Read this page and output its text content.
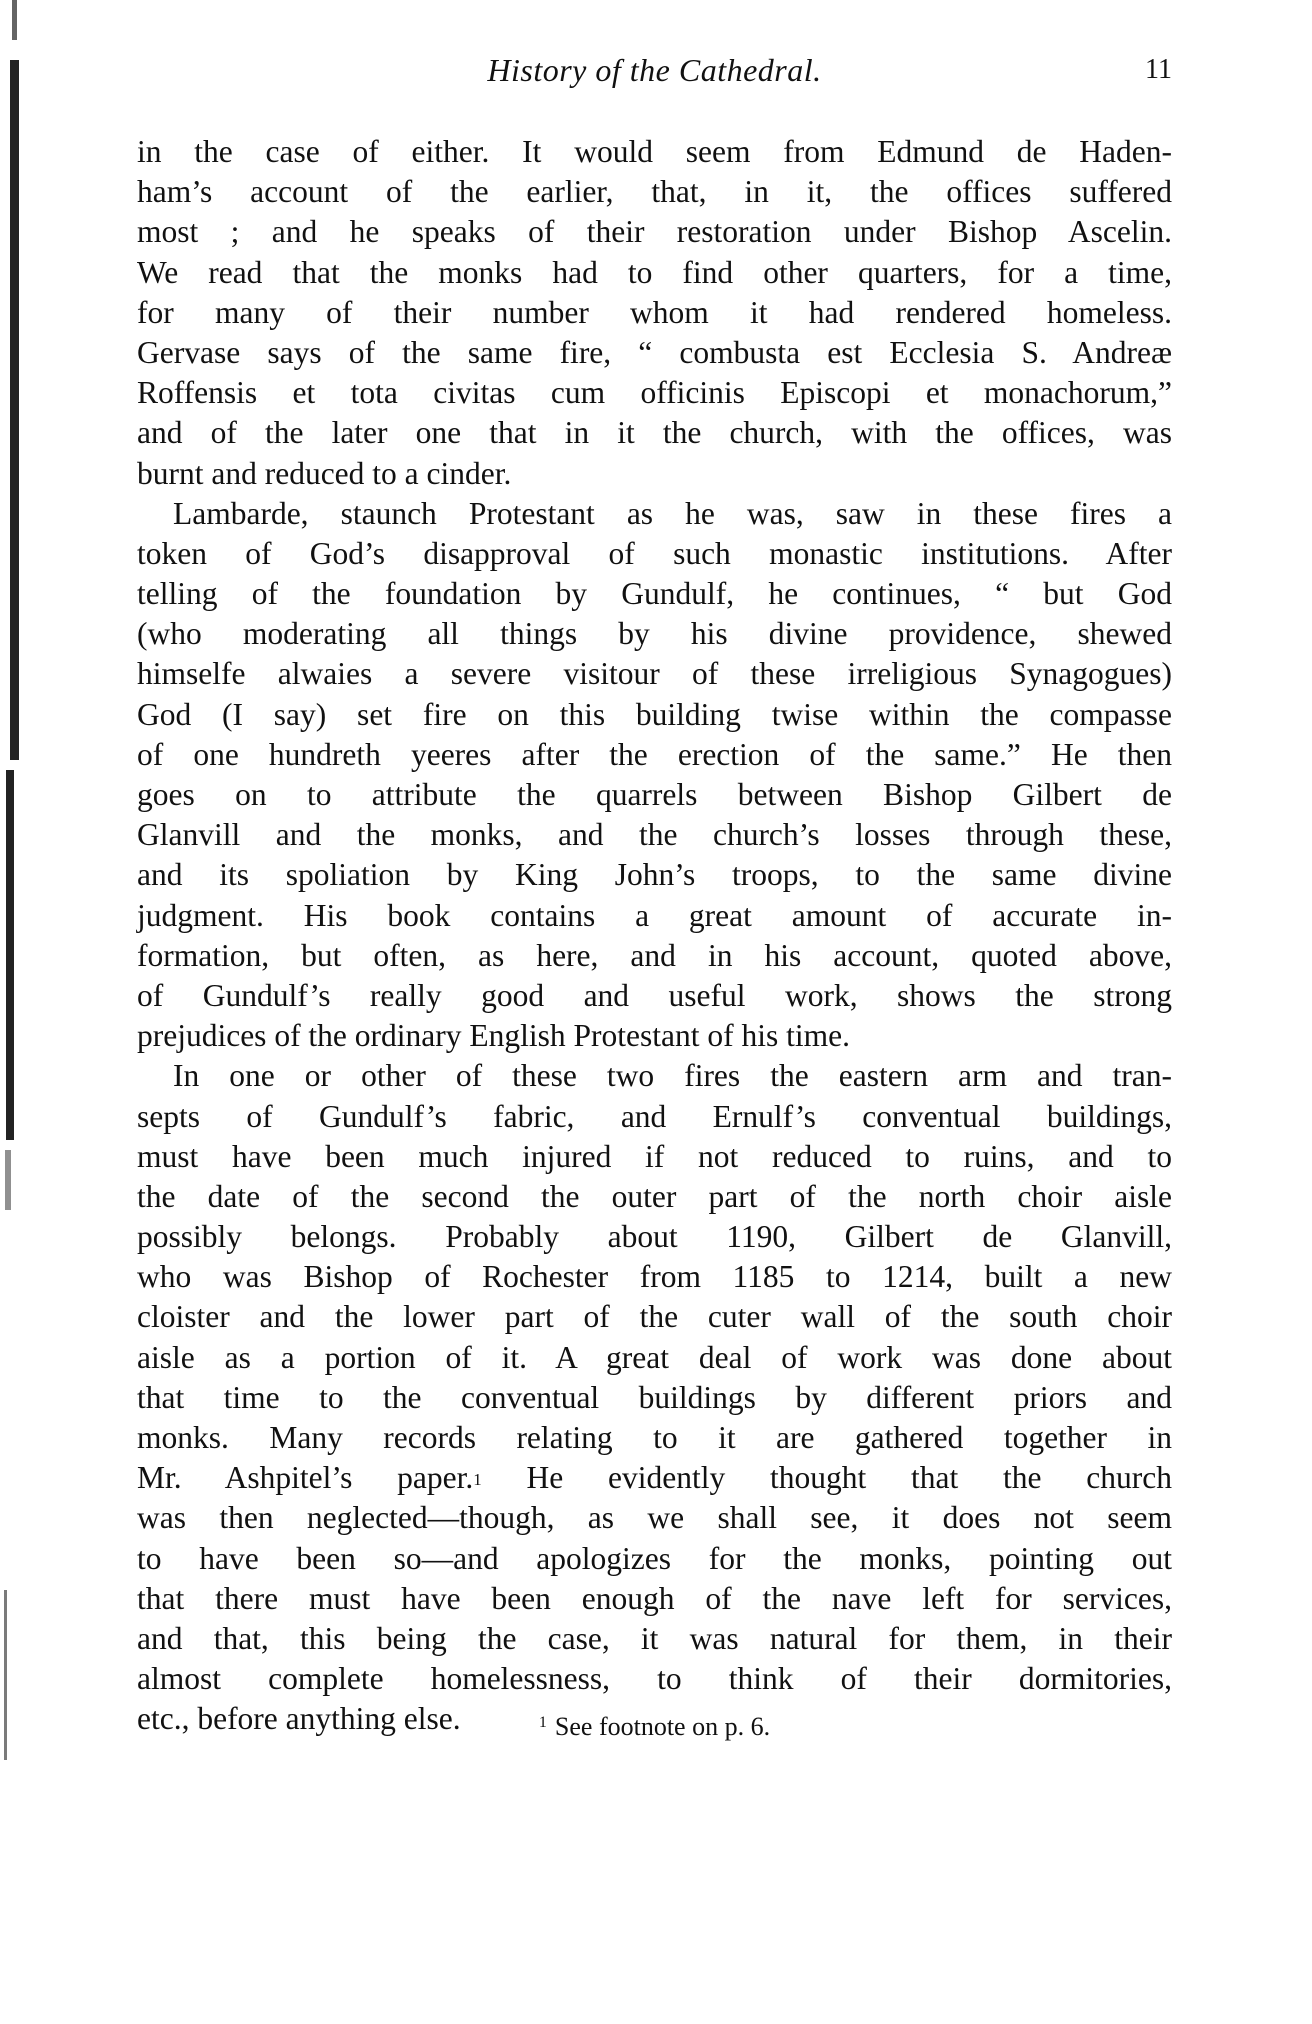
History of the Cathedral.	11
in the case of either. It would seem from Edmund de Haden-
ham’s account of the earlier, that, in it, the offices suffered
most ; and he speaks of their restoration under Bishop Ascelin.
We read that the monks had to find other quarters, for a time,
for many of their number whom it had rendered homeless.
Gervase says of the same fire, “ combusta est Ecclesia S. Andreæ
Roffensis et tota civitas cum officinis Episcopi et monachorum,”
and of the later one that in it the church, with the offices, was
burnt and reduced to a cinder.
Lambarde, staunch Protestant as he was, saw in these fires a
token of God’s disapproval of such monastic institutions. After
telling of the foundation by Gundulf, he continues, “ but God
(who moderating all things by his divine providence, shewed
himselfe alwaies a severe visitour of these irreligious Synagogues)
God (I say) set fire on this building twise within the compasse
of one hundreth yeeres after the erection of the same.” He then
goes on to attribute the quarrels between Bishop Gilbert de
Glanvill and the monks, and the church’s losses through these,
and its spoliation by King John’s troops, to the same divine
judgment. His book contains a great amount of accurate in-
formation, but often, as here, and in his account, quoted above,
of Gundulf’s really good and useful work, shows the strong
prejudices of the ordinary English Protestant of his time.
In one or other of these two fires the eastern arm and tran-
septs of Gundulf’s fabric, and Ernulf’s conventual buildings,
must have been much injured if not reduced to ruins, and to
the date of the second the outer part of the north choir aisle
possibly belongs. Probably about 1190, Gilbert de Glanvill,
who was Bishop of Rochester from 1185 to 1214, built a new
cloister and the lower part of the cuter wall of the south choir
aisle as a portion of it. A great deal of work was done about
that time to the conventual buildings by different priors and
monks. Many records relating to it are gathered together in
Mr. Ashpitel’s paper.$^1$ He evidently thought that the church
was then neglected—though, as we shall see, it does not seem
to have been so—and apologizes for the monks, pointing out
that there must have been enough of the nave left for services,
and that, this being the case, it was natural for them, in their
almost complete homelessness, to think of their dormitories,
etc., before anything else.	$^1$ See footnote on p. 6.
